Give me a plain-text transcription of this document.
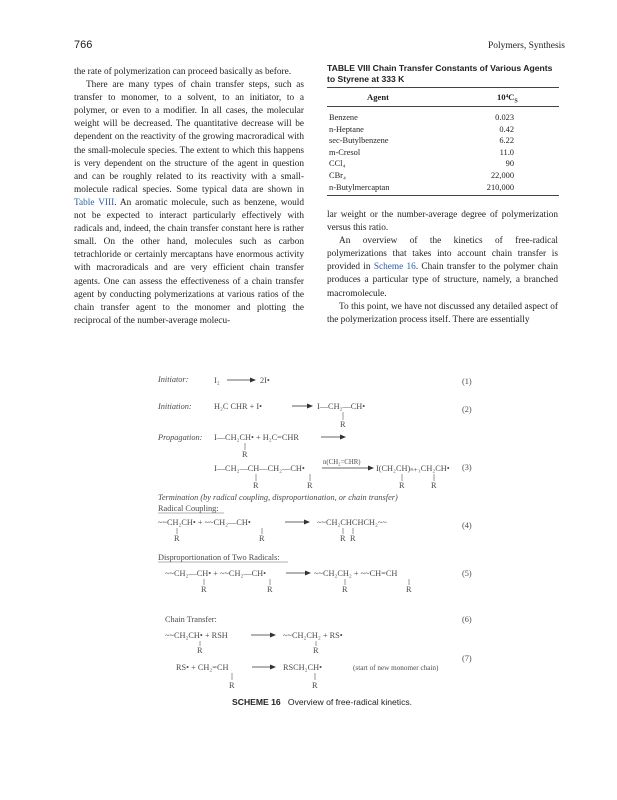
766	Polymers, Synthesis

the rate of polymerization can proceed basically as before.

There are many types of chain transfer steps, such as transfer to monomer, to a solvent, to an initiator, to a polymer, or even to a modifier. In all cases, the molecular weight will be decreased. The quantitative decrease will be dependent on the reactivity of the growing macroradical with the small-molecule species. The extent to which this happens is very dependent on the structure of the agent in question and can be roughly related to its reactivity with a small-molecule radical species. Some typical data are shown in Table VIII. An aromatic molecule, such as benzene, would not be expected to interact particularly effectively with radicals and, indeed, the chain transfer constant here is rather small. On the other hand, molecules such as carbon tetrachloride or certainly mercaptans have enormous activity with macroradicals and are very efficient chain transfer agents. One can assess the effectiveness of a chain transfer agent by conducting polymerizations at various ratios of the chain transfer agent to the monomer and plotting the reciprocal of the number-average molecu-

TABLE VIII Chain Transfer Constants of Various Agents to Styrene at 333 K
Agent	$10^4C_S$
Benzene	0.023
n-Heptane	0.42
sec-Butylbenzene	6.22
m-Cresol	11.0
CCl₄	90
CBr₄	22,000
n-Butylmercaptan	210,000

lar weight or the number-average degree of polymerization versus this ratio.

An overview of the kinetics of free-radical polymerizations that takes into account chain transfer is provided in Scheme 16. Chain transfer to the polymer chain produces a particular type of structure, namely, a branched macromolecule.

To this point, we have not discussed any detailed aspect of the polymerization process itself. There are essentially

Initiator:	I₂	2I•	(1)
Initiation:	H₂C CHR + I•	I—CH₂—CH•
R
(2)
Propagation: I—CH₂CH• + H₂C=CHR
R
I—CH₂—CH—CH₂—CH•
n(CH₂=CHR)
I(CH₂CH)ₙ₊₁CH₂CH•
R	R	R	R
(3)
Termination (by radical coupling, disproportionation, or chain transfer)
Radical Coupling:
~~CH₂CH• + ~~CH₂—CH•	~~CH₂CHCHCH₂~~
R	R	R R
(4)
Disproportionation of Two Radicals:
~~CH₂—CH• + ~~CH₂—CH•	~~CH₂CH₂ + ~~CH=CH
R	R	R	R
(5)
Chain Transfer:	(6)
~~CH₂CH• + RSH	~~CH₂CH₂ + RS•
R	R
(7)
RS• + CH₂=CH	RSCH₂CH•	(start of new monomer chain)
R	R
SCHEME 16 Overview of free-radical kinetics.
